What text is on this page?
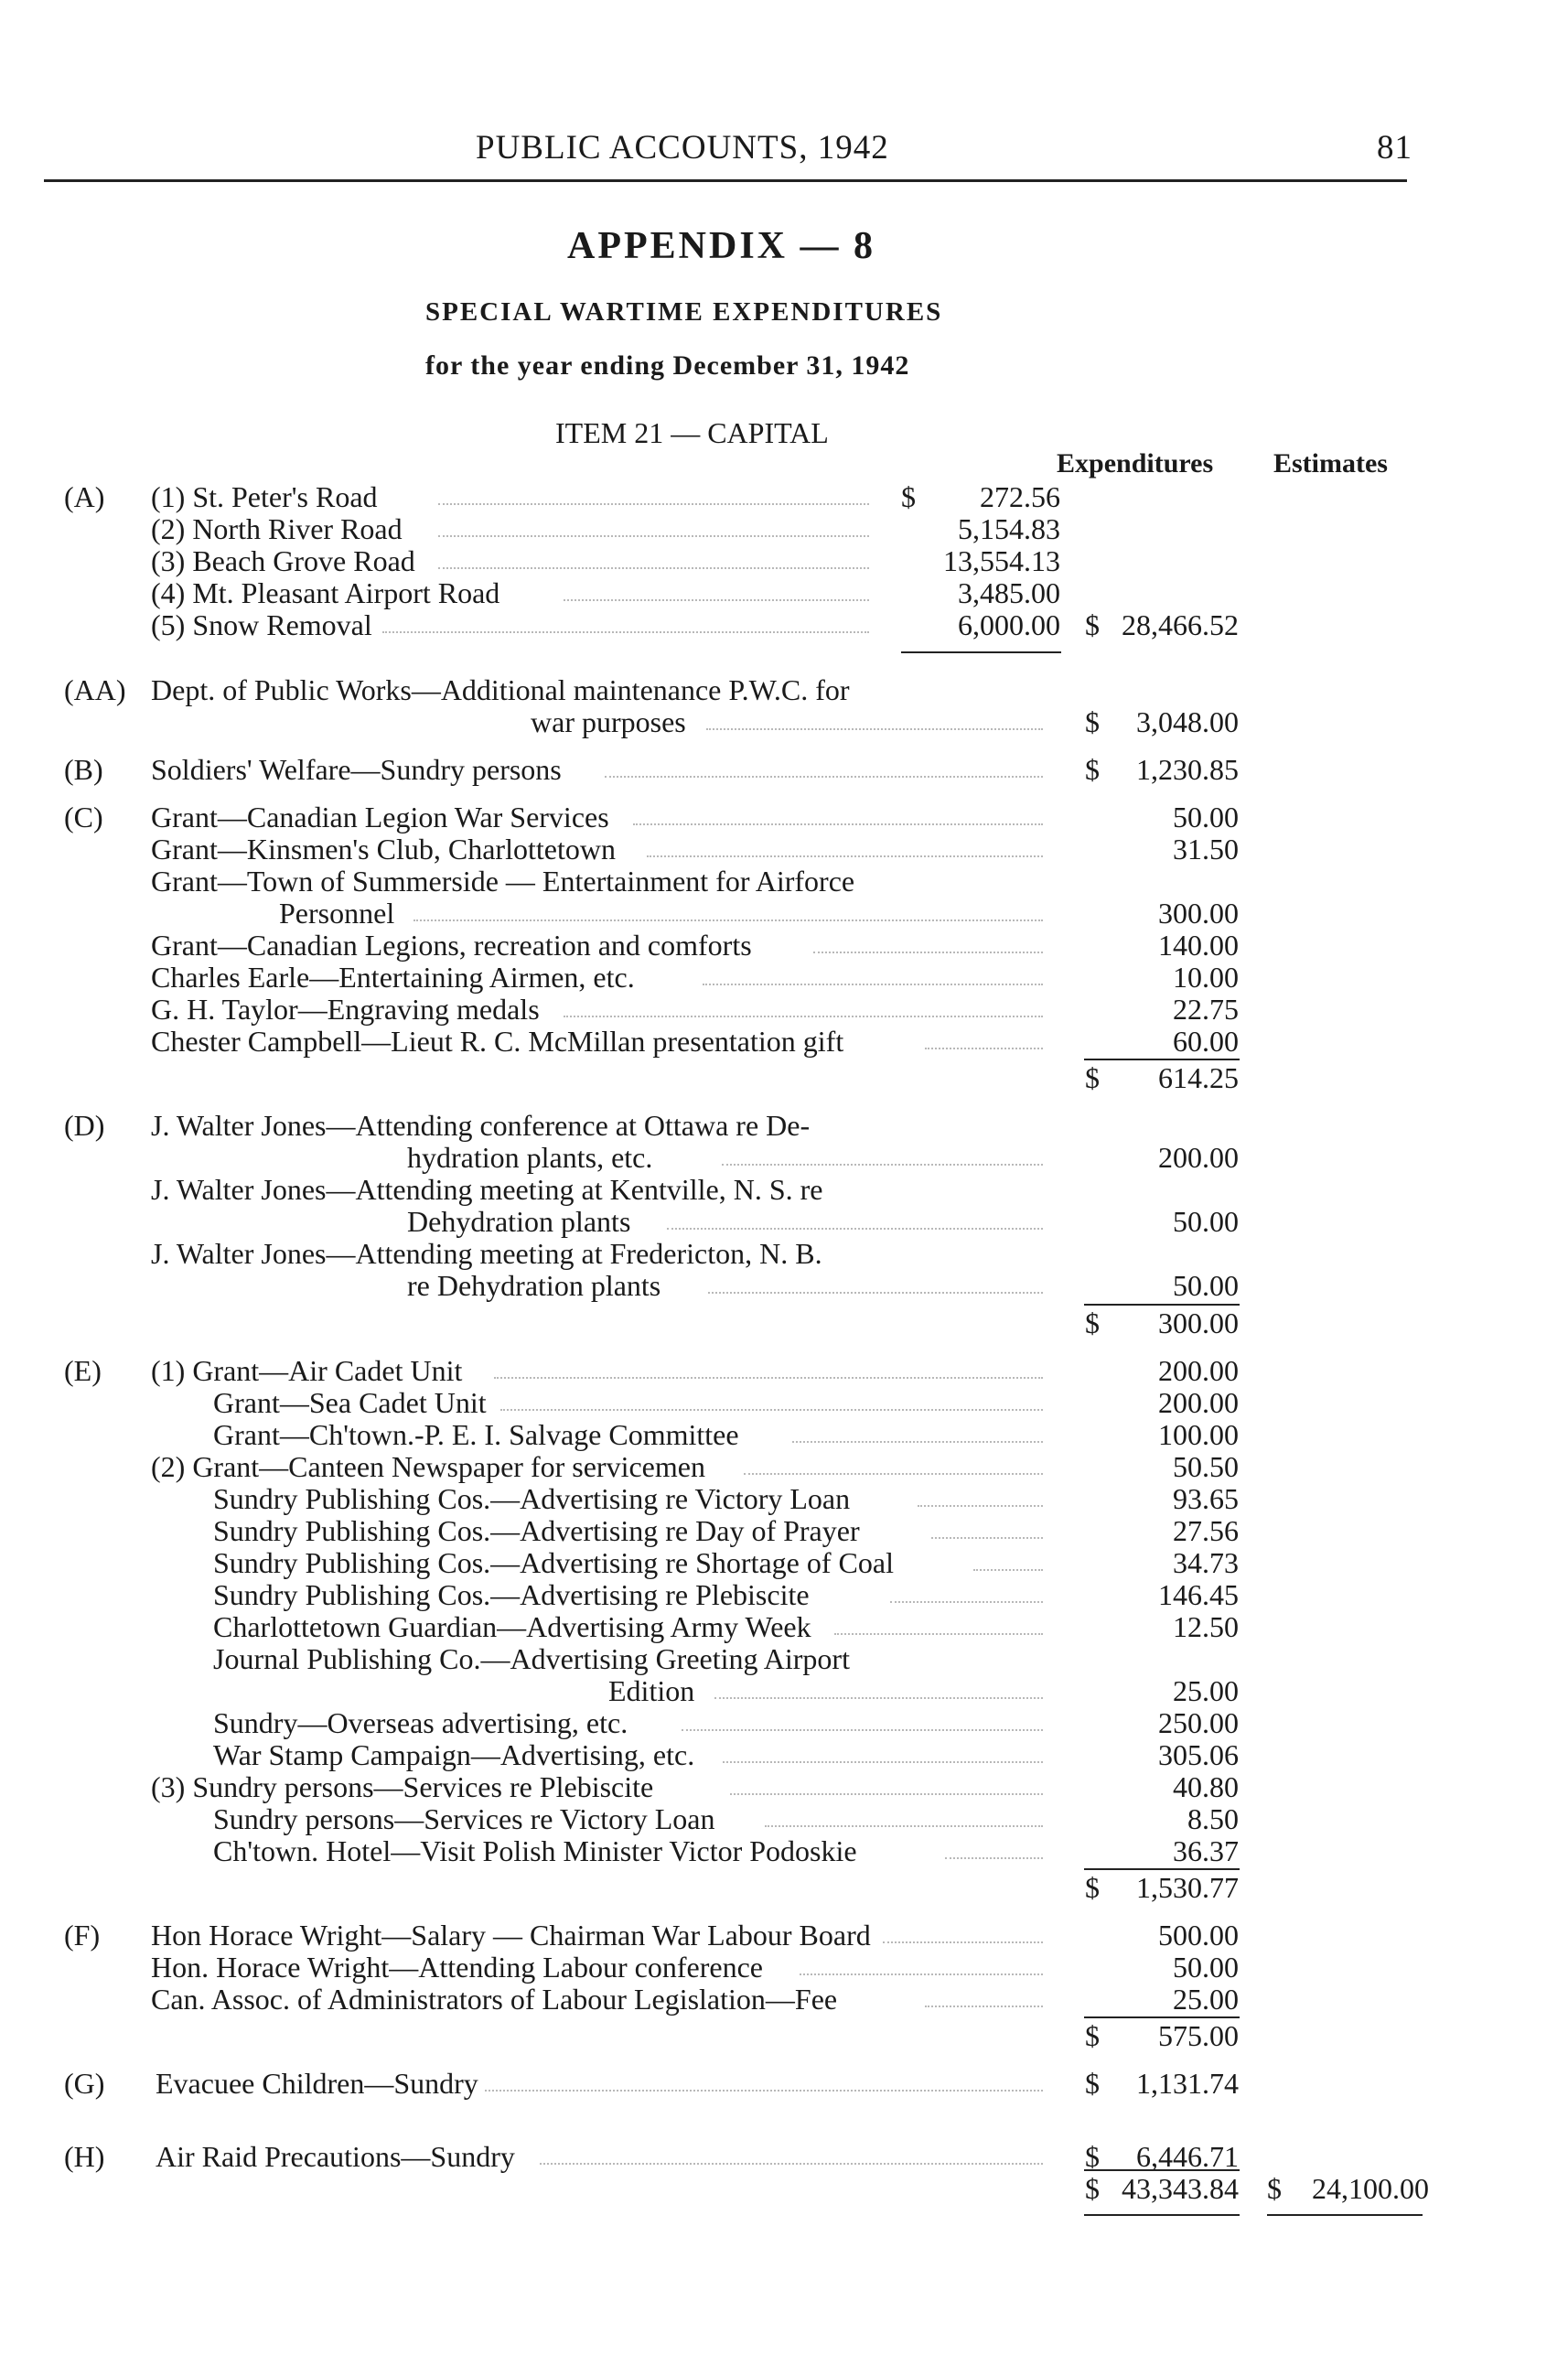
PUBLIC ACCOUNTS, 1942	81
APPENDIX — 8
SPECIAL WARTIME EXPENDITURES
for the year ending December 31, 1942
ITEM 21 — CAPITAL
Expenditures Estimates
(A) (1) St. Peter's Road	$ 272.56
(2) North River Road	5,154.83
(3) Beach Grove Road	13,554.13
(4) Mt. Pleasant Airport Road	3,485.00
(5) Snow Removal	6,000.00 $ 28,466.52
(AA) Dept. of Public Works—Additional maintenance P.W.C. for
war purposes	$ 3,048.00
(B) Soldiers' Welfare—Sundry persons	$ 1,230.85
(C) Grant—Canadian Legion War Services	50.00
Grant—Kinsmen's Club, Charlottetown	31.50
Grant—Town of Summerside — Entertainment for Airforce
Personnel	300.00
Grant—Canadian Legions, recreation and comforts	140.00
Charles Earle—Entertaining Airmen, etc.	10.00
G. H. Taylor—Engraving medals	22.75
Chester Campbell—Lieut R. C. McMillan presentation gift	60.00
$ 614.25
(D) J. Walter Jones—Attending conference at Ottawa re De-
hydration plants, etc.	200.00
J. Walter Jones—Attending meeting at Kentville, N. S. re
Dehydration plants	50.00
J. Walter Jones—Attending meeting at Fredericton, N. B.
re Dehydration plants	50.00
$ 300.00
(E) (1) Grant—Air Cadet Unit	200.00
Grant—Sea Cadet Unit	200.00
Grant—Ch'town.-P. E. I. Salvage Committee	100.00
(2) Grant—Canteen Newspaper for servicemen	50.50
Sundry Publishing Cos.—Advertising re Victory Loan	93.65
Sundry Publishing Cos.—Advertising re Day of Prayer	27.56
Sundry Publishing Cos.—Advertising re Shortage of Coal	34.73
Sundry Publishing Cos.—Advertising re Plebiscite	146.45
Charlottetown Guardian—Advertising Army Week	12.50
Journal Publishing Co.—Advertising Greeting Airport
Edition	25.00
Sundry—Overseas advertising, etc.	250.00
War Stamp Campaign—Advertising, etc.	305.06
(3) Sundry persons—Services re Plebiscite	40.80
Sundry persons—Services re Victory Loan	8.50
Ch'town. Hotel—Visit Polish Minister Victor Podoskie	36.37
$ 1,530.77
(F) Hon Horace Wright—Salary — Chairman War Labour Board	500.00
Hon. Horace Wright—Attending Labour conference	50.00
Can. Assoc. of Administrators of Labour Legislation—Fee	25.00
$ 575.00
(G) Evacuee Children—Sundry	$ 1,131.74
(H) Air Raid Precautions—Sundry	$ 6,446.71
$ 43,343.84 $ 24,100.00
